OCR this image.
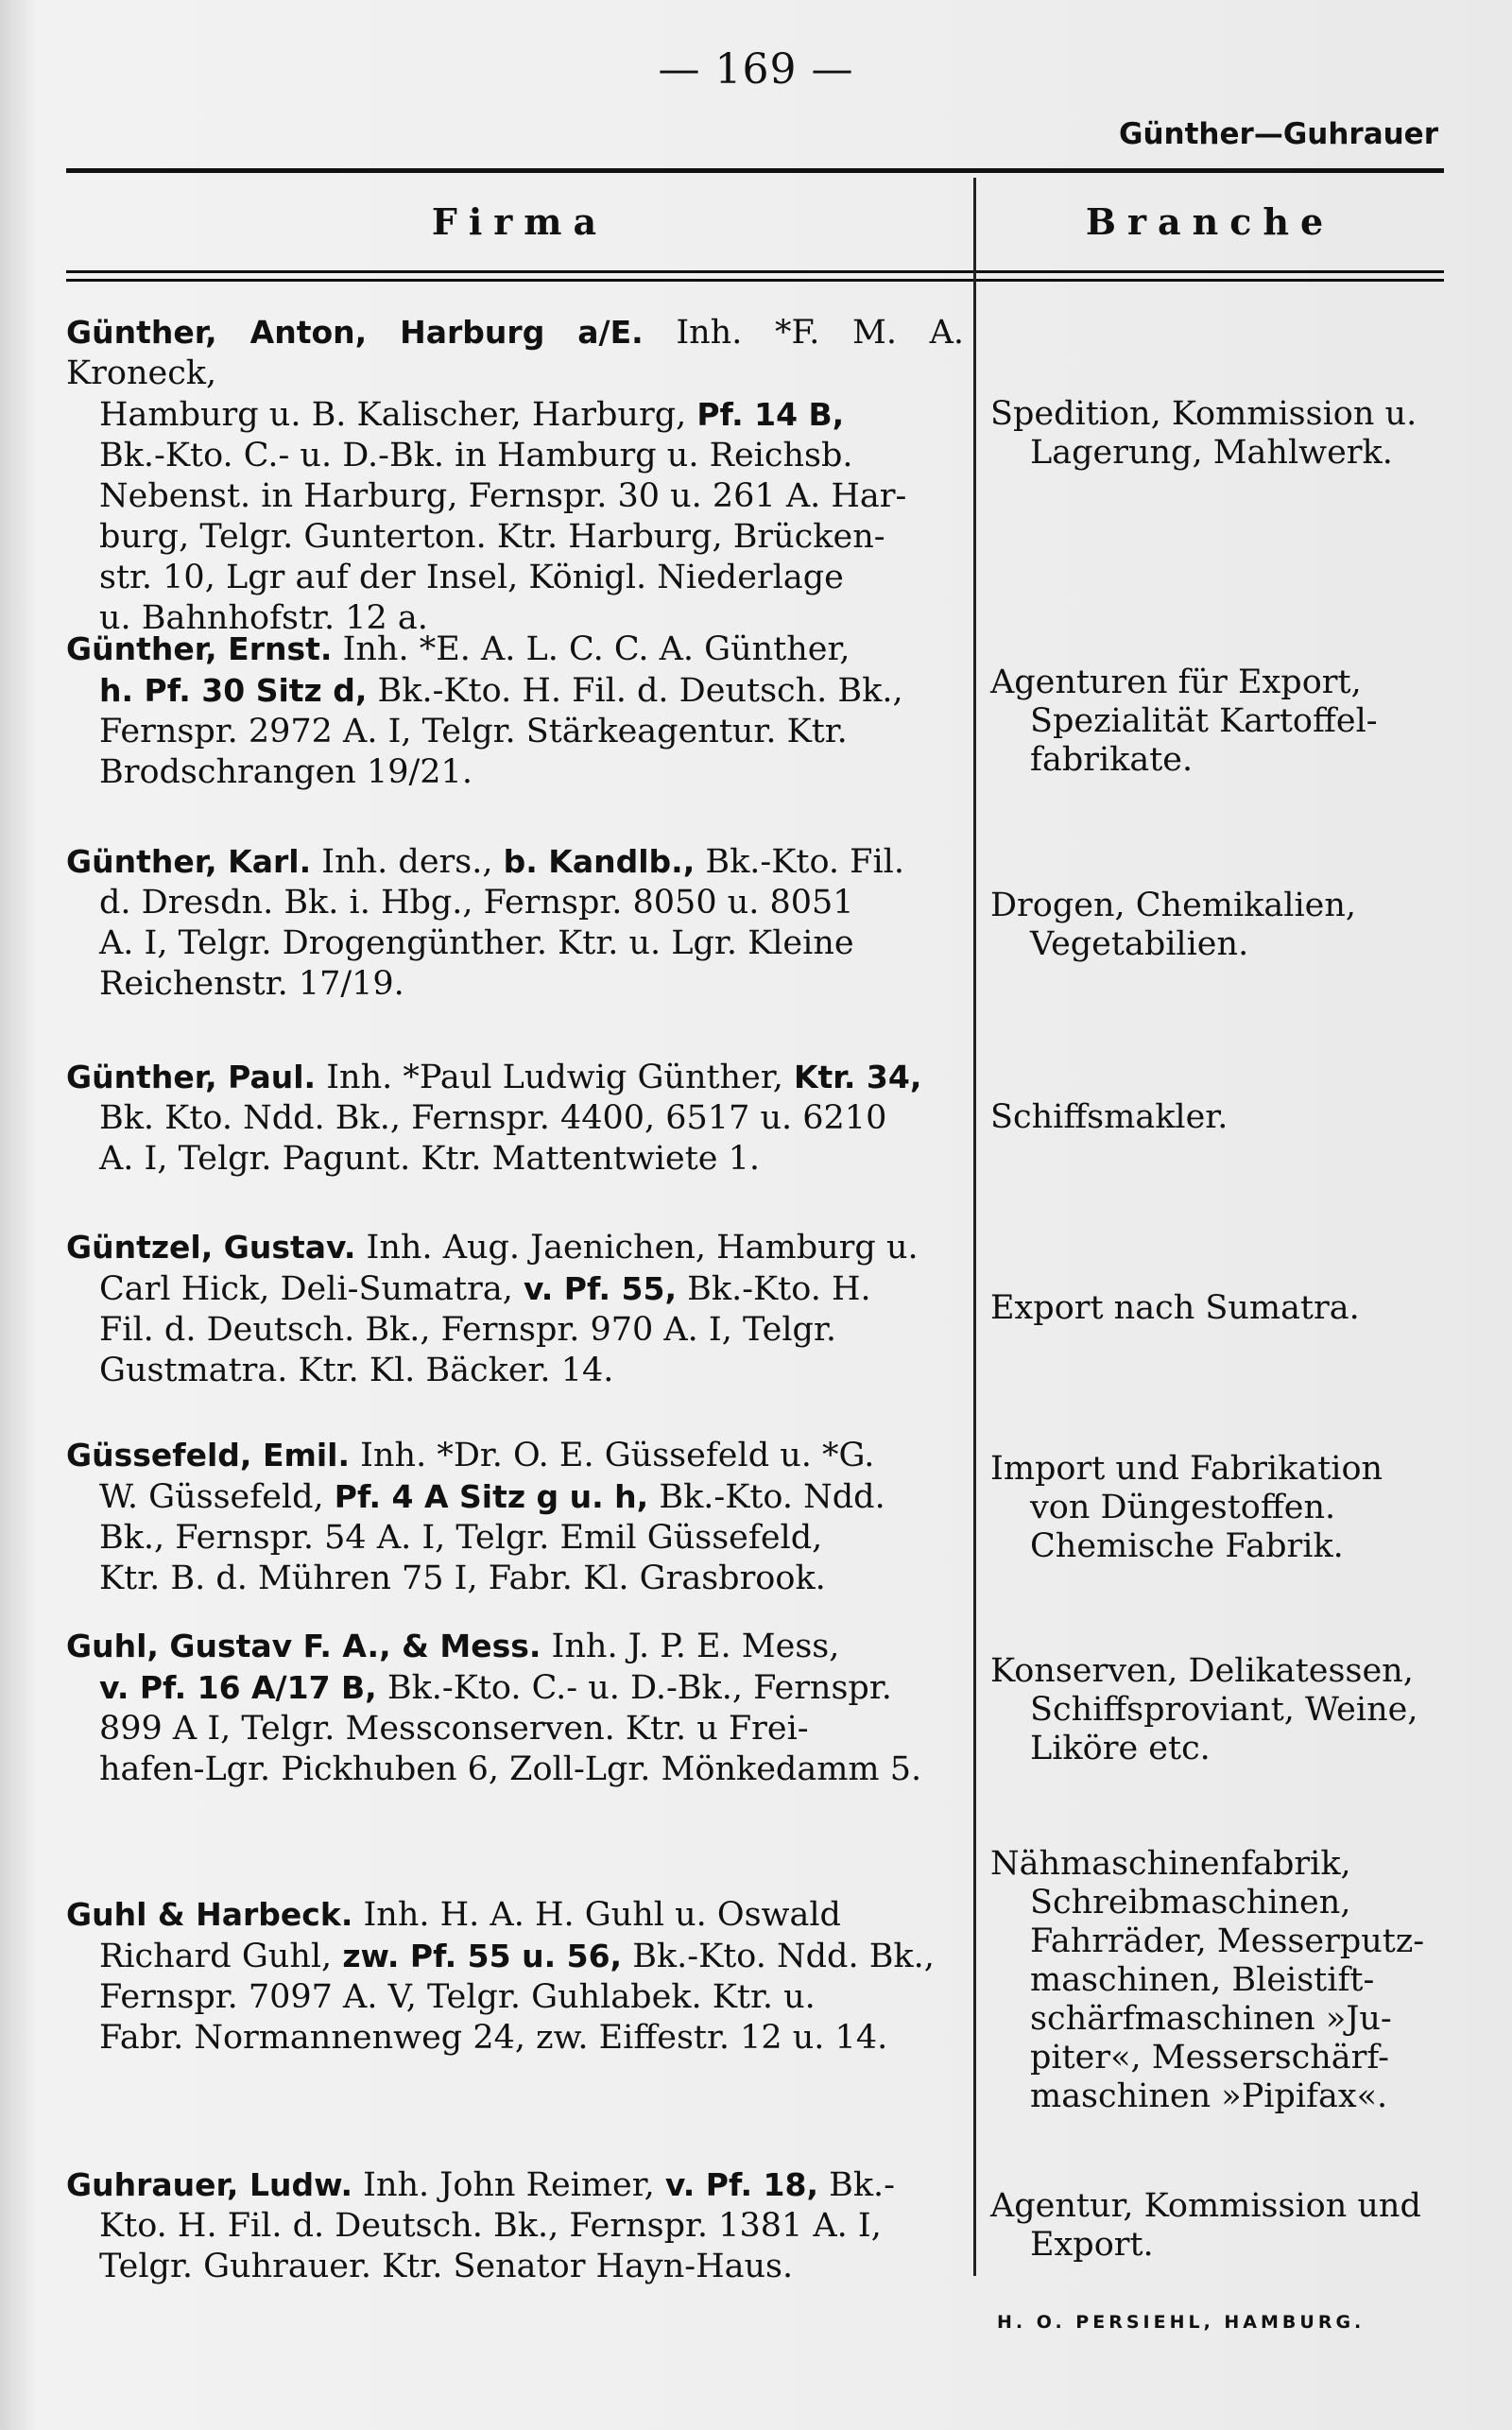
— 169 —
Günther—Guhrauer
Firma	Branche
Günther, Anton, Harburg a/E. Inh. *F. M. A. Kroneck,
Hamburg u. B. Kalischer, Harburg, Pf. 14 B,
Bk.-Kto. C.- u. D.-Bk. in Hamburg u. Reichsb.
Nebenst. in Harburg, Fernspr. 30 u. 261 A. Har-
burg, Telgr. Gunterton. Ktr. Harburg, Brücken-
str. 10, Lgr auf der Insel, Königl. Niederlage
u. Bahnhofstr. 12 a.
Spedition, Kommission u.
Lagerung, Mahlwerk.
Günther, Ernst. Inh. *E. A. L. C. C. A. Günther,
h. Pf. 30 Sitz d, Bk.-Kto. H. Fil. d. Deutsch. Bk.,
Fernspr. 2972 A. I, Telgr. Stärkeagentur. Ktr.
Brodschrangen 19/21.
Agenturen für Export,
Spezialität Kartoffel-
fabrikate.
Günther, Karl. Inh. ders., b. Kandlb., Bk.-Kto. Fil.
d. Dresdn. Bk. i. Hbg., Fernspr. 8050 u. 8051
A. I, Telgr. Drogengünther. Ktr. u. Lgr. Kleine
Reichenstr. 17/19.
Drogen, Chemikalien,
Vegetabilien.
Günther, Paul. Inh. *Paul Ludwig Günther, Ktr. 34,
Bk. Kto. Ndd. Bk., Fernspr. 4400, 6517 u. 6210
A. I, Telgr. Pagunt. Ktr. Mattentwiete 1.
Schiffsmakler.
Güntzel, Gustav. Inh. Aug. Jaenichen, Hamburg u.
Carl Hick, Deli-Sumatra, v. Pf. 55, Bk.-Kto. H.
Fil. d. Deutsch. Bk., Fernspr. 970 A. I, Telgr.
Gustmatra. Ktr. Kl. Bäcker. 14.
Export nach Sumatra.
Güssefeld, Emil. Inh. *Dr. O. E. Güssefeld u. *G.
W. Güssefeld, Pf. 4 A Sitz g u. h, Bk.-Kto. Ndd.
Bk., Fernspr. 54 A. I, Telgr. Emil Güssefeld,
Ktr. B. d. Mühren 75 I, Fabr. Kl. Grasbrook.
Import und Fabrikation
von Düngestoffen.
Chemische Fabrik.
Guhl, Gustav F. A., & Mess. Inh. J. P. E. Mess,
v. Pf. 16 A/17 B, Bk.-Kto. C.- u. D.-Bk., Fernspr.
899 A I, Telgr. Messconserven. Ktr. u Frei-
hafen-Lgr. Pickhuben 6, Zoll-Lgr. Mönkedamm 5.
Konserven, Delikatessen,
Schiffsproviant, Weine,
Liköre etc.
Guhl & Harbeck. Inh. H. A. H. Guhl u. Oswald
Richard Guhl, zw. Pf. 55 u. 56, Bk.-Kto. Ndd. Bk.,
Fernspr. 7097 A. V, Telgr. Guhlabek. Ktr. u.
Fabr. Normannenweg 24, zw. Eiffestr. 12 u. 14.
Nähmaschinenfabrik,
Schreibmaschinen,
Fahrräder, Messerputz-
maschinen, Bleistift-
schärfmaschinen »Ju-
piter«, Messerschärf-
maschinen »Pipifax«.
Guhrauer, Ludw. Inh. John Reimer, v. Pf. 18, Bk.-
Kto. H. Fil. d. Deutsch. Bk., Fernspr. 1381 A. I,
Telgr. Guhrauer. Ktr. Senator Hayn-Haus.
Agentur, Kommission und
Export.
H. O. PERSIEHL, HAMBURG.
